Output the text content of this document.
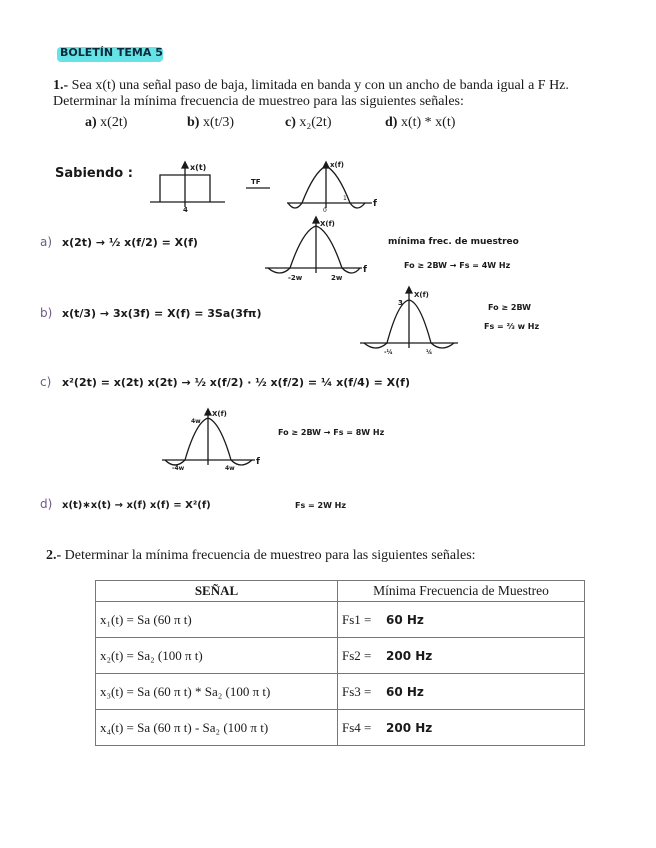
BOLETÍN TEMA 5
1.- Sea x(t) una señal paso de baja, limitada en banda y con un ancho de banda igual a F Hz. Determinar la mínima frecuencia de muestreo para las siguientes señales:
a) x(2t)	b) x(t/3)	c) x₂(2t)	d) x(t) * x(t)
Sabiendo :	x(t)
4
TF
x(f)
0
1
f
a) x(2t) → ½ x(f/2) = X(f)
X(f)
-2w	2w
f
mínima frec. de muestreo
Fo ≥ 2BW → Fs = 4W Hz
b) x(t/3) → 3x(3f) = X(f) = 3Sa(3fπ)
X(f)
3
-¼	¼
Fo ≥ 2BW
Fs = ⅔ w Hz
c) x²(2t) = x(2t) x(2t) → ½ x(f/2) · ½ x(f/2) = ¼ x(f/4) = X(f)
X(f)
4w
-4w	4w
f
Fo ≥ 2BW → Fs = 8W Hz
d) x(t)∗x(t) → x(f) x(f) = X²(f)	Fs = 2W Hz
2.- Determinar la mínima frecuencia de muestreo para las siguientes señales:
SEÑAL	Mínima Frecuencia de Muestreo
x₁(t) = Sa (60 π t)	Fs1 = 60 Hz
x₂(t) = Sa₂ (100 π t)	Fs2 = 200 Hz
x₃(t) = Sa (60 π t) * Sa₂ (100 π t)	Fs3 = 60 Hz
x₄(t) = Sa (60 π t) - Sa₂ (100 π t)	Fs4 = 200 Hz
